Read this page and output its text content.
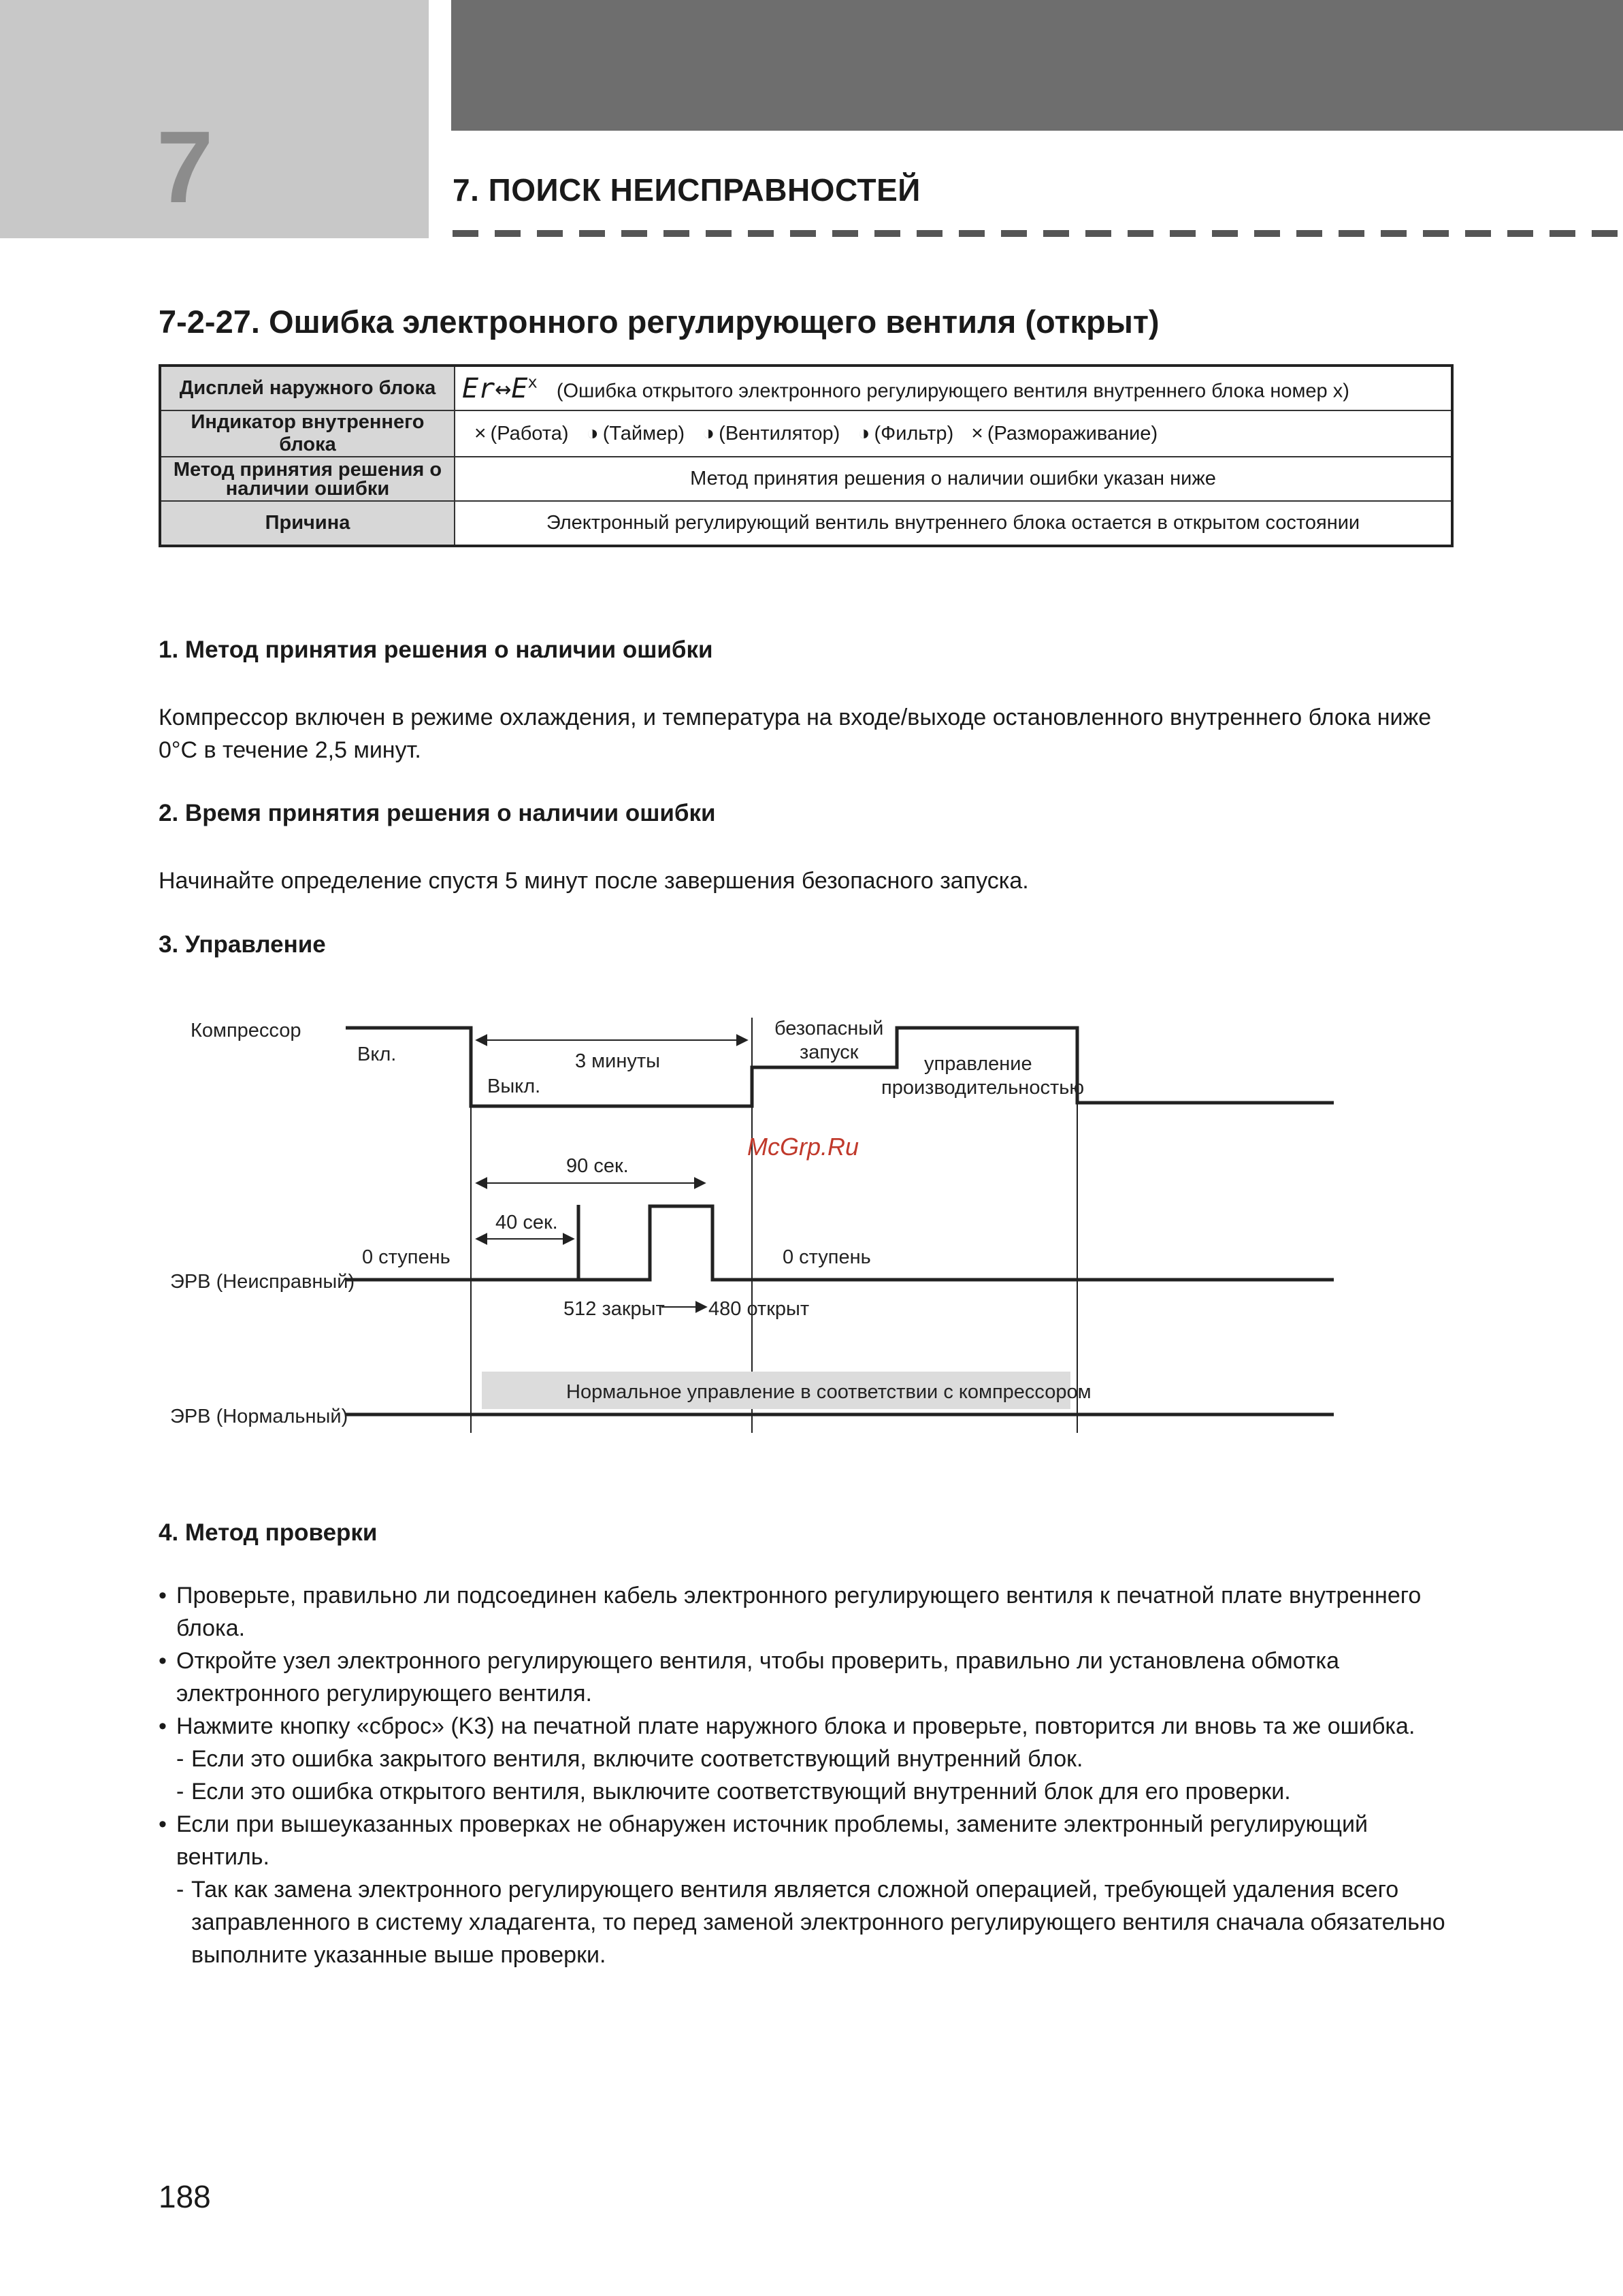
7	7. ПОИСК НЕИСПРАВНОСТЕЙ
7-2-27. Ошибка электронного регулирующего вентиля (открыт)
Дисплей наружного блока	$Er\leftrightarrow E^x$ (Ошибка открытого электронного регулирующего вентиля внутреннего блока номер x)
Индикатор внутреннего блока	× (Работа) ◑ (Таймер) ◑ (Вентилятор) ◑ (Фильтр) × (Размораживание)
Метод принятия решения о наличии ошибки	Метод принятия решения о наличии ошибки указан ниже
Причина	Электронный регулирующий вентиль внутреннего блока остается в открытом состоянии
1. Метод принятия решения о наличии ошибки
Компрессор включен в режиме охлаждения, и температура на входе/выходе остановленного внутреннего блока ниже 0°C в течение 2,5 минут.
2. Время принятия решения о наличии ошибки
Начинайте определение спустя 5 минут после завершения безопасного запуска.
3. Управление
Компрессор
Вкл.
Выкл.
3 минуты
безопасный
запуск
управление
производительностью
McGrp.Ru
90 сек.
40 сек.
0 ступень	0 ступень
ЭРВ (Неисправный)
512 закрыт 480 открыт
Нормальное управление в соответствии с компрессором
ЭРВ (Нормальный)
4. Метод проверки
• Проверьте, правильно ли подсоединен кабель электронного регулирующего вентиля к печатной плате внутреннего блока.
• Откройте узел электронного регулирующего вентиля, чтобы проверить, правильно ли установлена обмотка электронного регулирующего вентиля.
• Нажмите кнопку «сброс» (K3) на печатной плате наружного блока и проверьте, повторится ли вновь та же ошибка.
- Если это ошибка закрытого вентиля, включите соответствующий внутренний блок.
- Если это ошибка открытого вентиля, выключите соответствующий внутренний блок для его проверки.
• Если при вышеуказанных проверках не обнаружен источник проблемы, замените электронный регулирующий вентиль.
- Так как замена электронного регулирующего вентиля является сложной операцией, требующей удаления всего заправленного в систему хладагента, то перед заменой электронного регулирующего вентиля сначала обязательно выполните указанные выше проверки.
188
